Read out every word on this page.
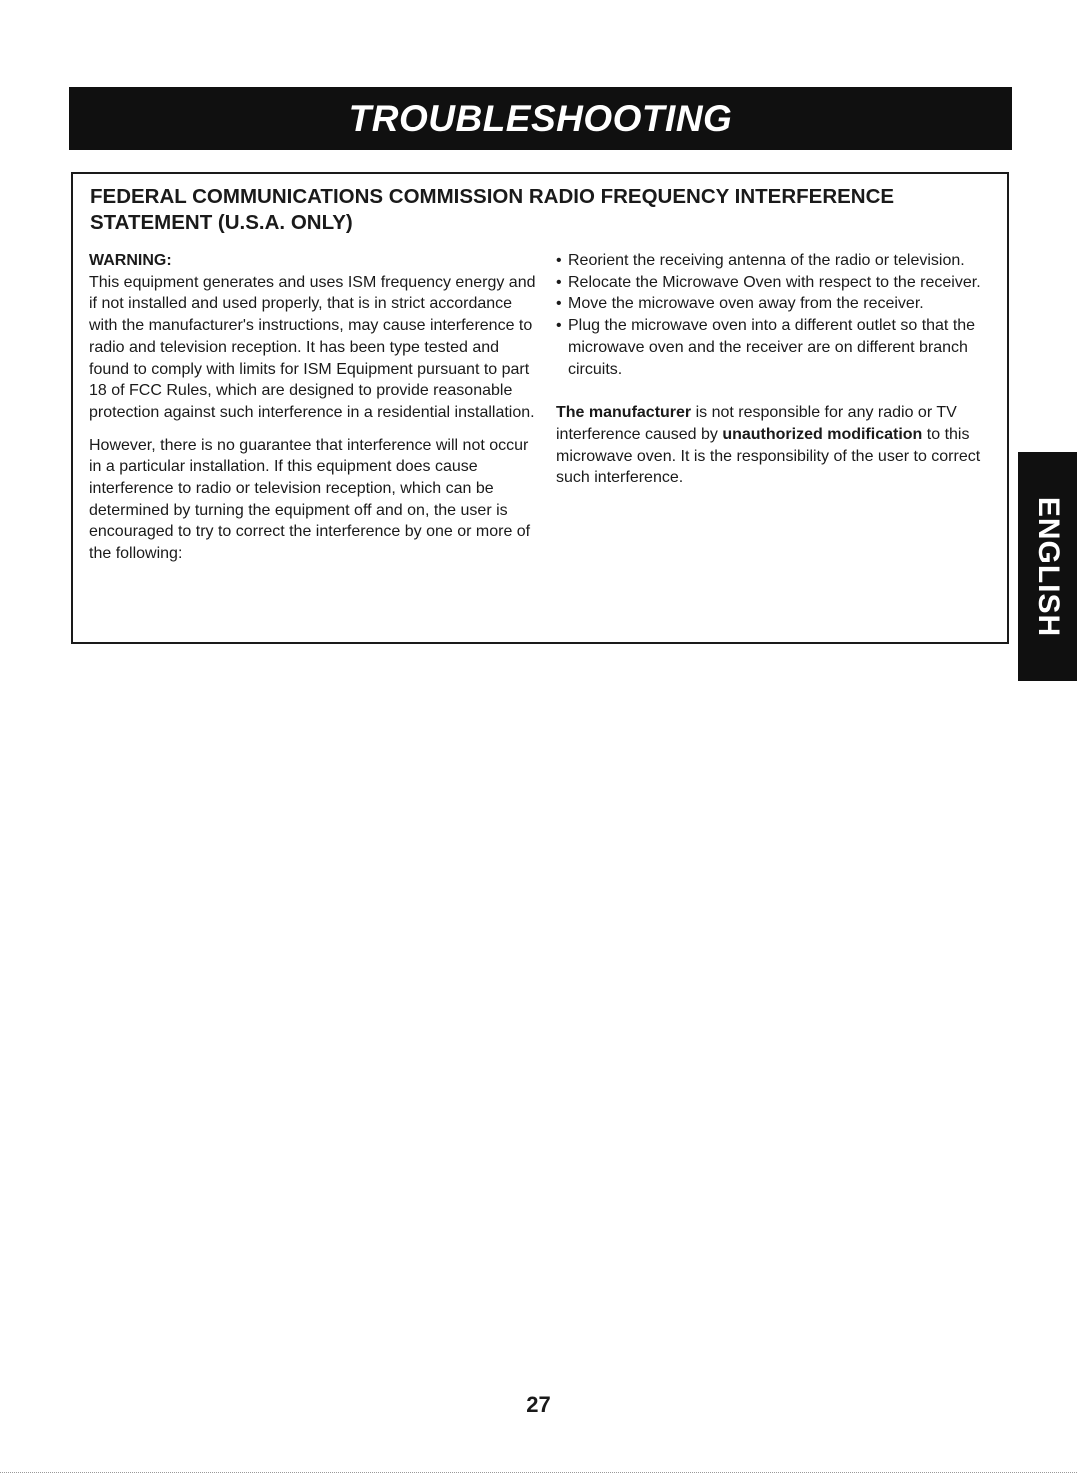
TROUBLESHOOTING
FEDERAL COMMUNICATIONS COMMISSION RADIO FREQUENCY INTERFERENCE STATEMENT (U.S.A. ONLY)

WARNING:

This equipment generates and uses ISM frequency energy and if not installed and used properly, that is in strict accordance with the manufacturer's instructions, may cause interference to radio and television reception. It has been type tested and found to comply with limits for ISM Equipment pursuant to part 18 of FCC Rules, which are designed to provide reasonable protection against such interference in a residential installation.

However, there is no guarantee that interference will not occur in a particular installation. If this equipment does cause interference to radio or television reception, which can be determined by turning the equipment off and on, the user is encouraged to try to correct the interference by one or more of the following:

• Reorient the receiving antenna of the radio or television.
• Relocate the Microwave Oven with respect to the receiver.
• Move the microwave oven away from the receiver.
• Plug the microwave oven into a different outlet so that the microwave oven and the receiver are on different branch circuits.

The manufacturer is not responsible for any radio or TV interference caused by unauthorized modification to this microwave oven. It is the responsibility of the user to correct such interference.

ENGLISH
27
